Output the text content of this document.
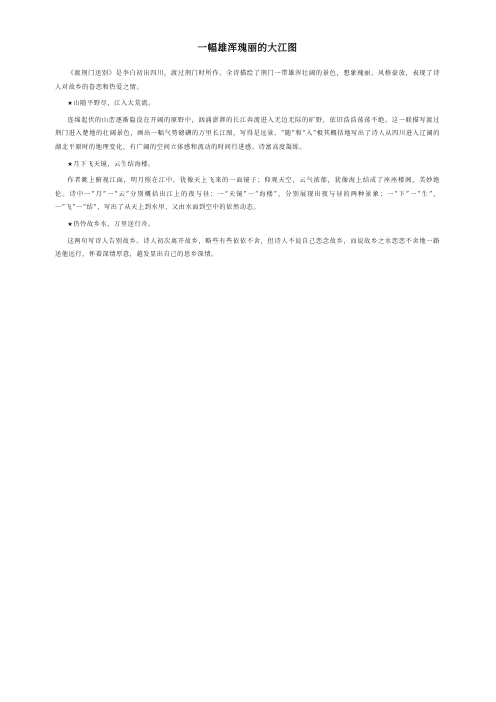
一幅雄浑瑰丽的大江图

《渡荆门送别》是李白初出四川，渡过荆门时所作。全诗描绘了荆门一带雄浑壮阔的景色，想象瑰丽，风格豪放，表现了诗人对故乡的眷恋和热爱之情。

★山随平野尽，江入大荒流。

连绵起伏的山峦逐渐隐没在开阔的原野中，汹涌澎湃的长江奔流进入无边无际的旷野，依旧浩浩荡荡不绝。这一联描写渡过荆门进入楚地的壮阔景色，画出一幅气势磅礴的万里长江图，写得是远景。“随”和“入”极其概括地写出了诗人从四川进入辽阔的湖北平原时的地理变化，有广阔的空间立体感和流动的时间行进感。诗富高度凝练。

★月下飞天镜，云生结海楼。

作者眺上俯视江面，明月照在江中，犹像天上飞来的一面镜子；仰观天空，云气浓郁，犹像海上结成了座座楼阁，美妙绝伦。诗中一“月”一“云”分别概括出江上的夜与昼；一“天镜”一“海楼”，分别展现出夜与昼的两种景象；一“下”一“生”、一“飞”一“结”，写出了从天上到水里、又由水面到空中的依然动态。

★仍怜故乡水，万里送行舟。

这两句写诗人告别故乡。诗人初次离开故乡，略些有些依依不舍，但诗人不说自己恋念故乡，而说故乡之水恋恋不舍地一路送他远行，怀着深情厚意，越发显出自己的思乡深情。
